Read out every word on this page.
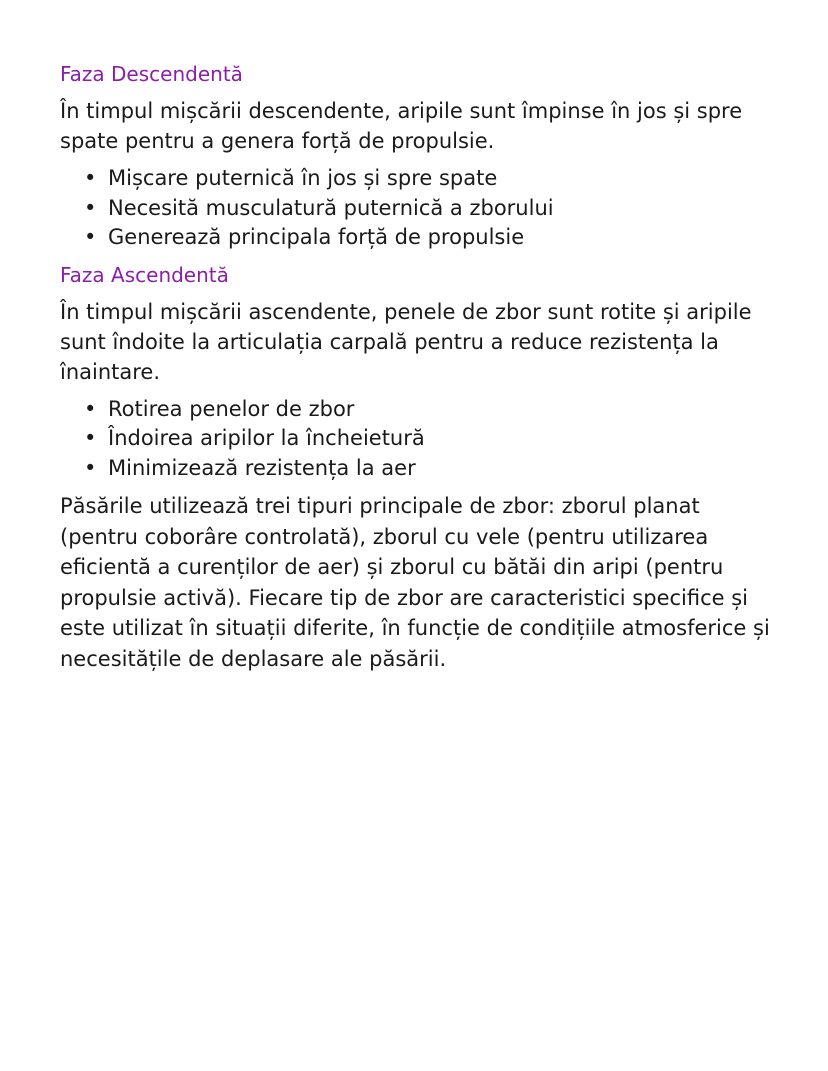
Faza Descendentă

În timpul mișcării descendente, aripile sunt împinse în jos și spre spate pentru a genera forță de propulsie.

• Mișcare puternică în jos și spre spate
• Necesită musculatură puternică a zborului
• Generează principala forță de propulsie
Faza Ascendentă

În timpul mișcării ascendente, penele de zbor sunt rotite și aripile sunt îndoite la articulația carpală pentru a reduce rezistența la înaintare.

• Rotirea penelor de zbor
• Îndoirea aripilor la încheietură
• Minimizează rezistența la aer

Păsările utilizează trei tipuri principale de zbor: zborul planat (pentru coborâre controlată), zborul cu vele (pentru utilizarea eficientă a curenților de aer) și zborul cu bătăi din aripi (pentru propulsie activă). Fiecare tip de zbor are caracteristici specifice și este utilizat în situații diferite, în funcție de condițiile atmosferice și necesitățile de deplasare ale păsării.
